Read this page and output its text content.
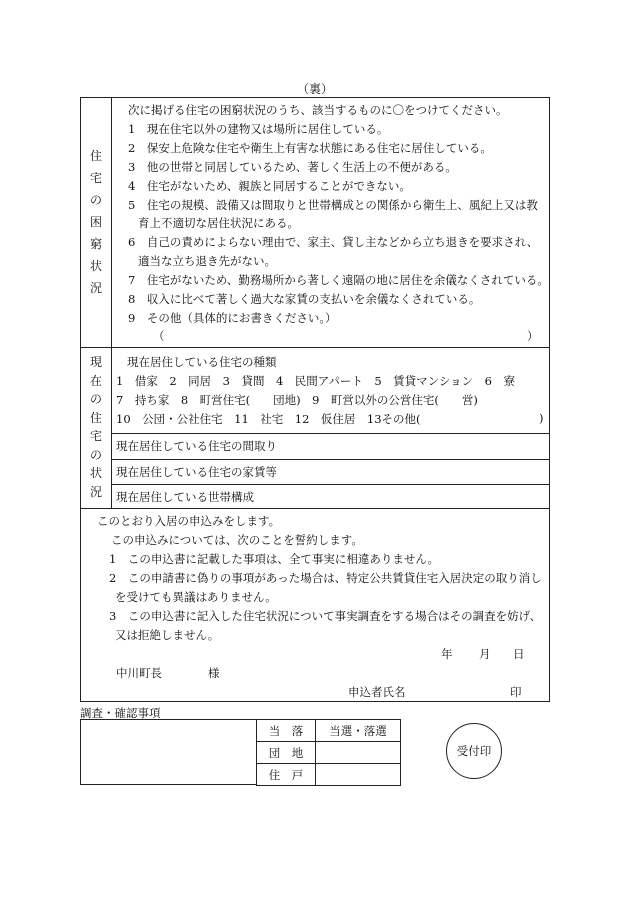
（裏）
住
宅
の
困
窮
状
況
次に掲げる住宅の困窮状況のうち、該当するものに〇をつけてください。
1　現在住宅以外の建物又は場所に居住している。
2　保安上危険な住宅や衛生上有害な状態にある住宅に居住している。
3　他の世帯と同居しているため、著しく生活上の不便がある。
4　住宅がないため、親族と同居することができない。
5　住宅の規模、設備又は間取りと世帯構成との関係から衛生上、風紀上又は教
育上不適切な居住状況にある。
6　自己の責めによらない理由で、家主、貸し主などから立ち退きを要求され、
適当な立ち退き先がない。
7　住宅がないため、勤務場所から著しく遠隔の地に居住を余儀なくされている。
8　収入に比べて著しく過大な家賃の支払いを余儀なくされている。
9　その他（具体的にお書きください。）
（	）
現
在
の
住
宅
の
状
況
現在居住している住宅の種類
1　借家　2　同居　3　貸間　4　民間アパート　5　賃貸マンション　6　寮
7　持ち家　8　町営住宅(　　団地)　9　町営以外の公営住宅(　　営)
10　公団・公社住宅　11　社宅　12　仮住居　13その他(	)
現在居住している住宅の間取り
現在居住している住宅の家賃等
現在居住している世帯構成
このとおり入居の申込みをします。
この申込みについては、次のことを誓約します。
1　この申込書に記載した事項は、全て事実に相違ありません。
2　この申請書に偽りの事項があった場合は、特定公共賃貸住宅入居決定の取り消し
を受けても異議はありません。
3　この申込書に記入した住宅状況について事実調査をする場合はその調査を妨げ、
又は拒絶しません。
年 月 日
中川町長	様
申込者氏名	印
調査・確認事項
当　落	当選・落選
団　地	
住　戸	
受付印
